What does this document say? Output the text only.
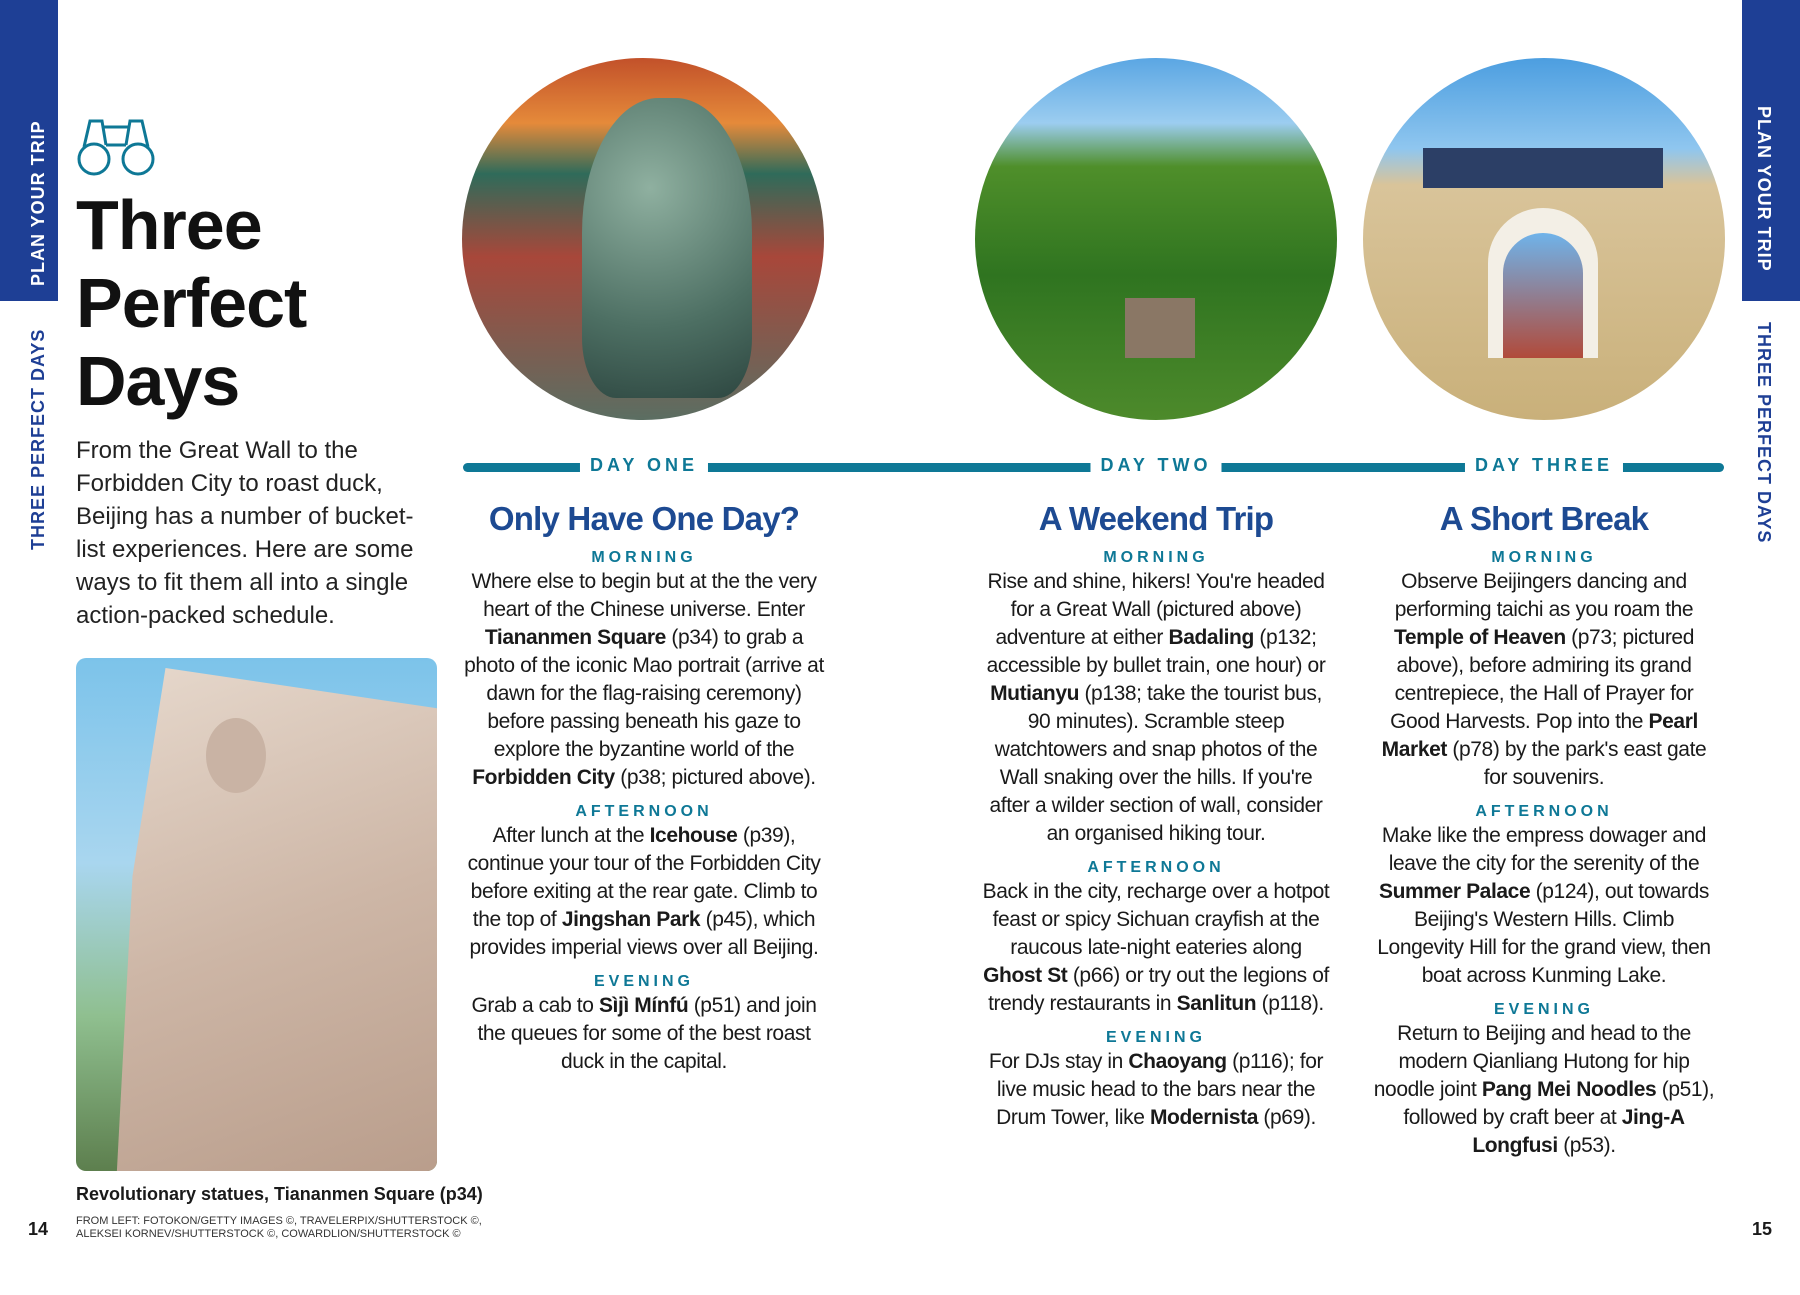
PLAN YOUR TRIP
THREE PERFECT DAYS
PLAN YOUR TRIP
THREE PERFECT DAYS
Three
Perfect
Days

From the Great Wall to the Forbidden City to roast duck, Beijing has a number of bucket-list experiences. Here are some ways to fit them all into a single action-packed schedule.

Revolutionary statues, Tiananmen Square (p34)
FROM LEFT: FOTOKON/GETTY IMAGES ©, TRAVELERPIX/SHUTTERSTOCK ©,
ALEKSEI KORNEV/SHUTTERSTOCK ©, COWARDLION/SHUTTERSTOCK ©
14	15
DAY ONE
Only Have One Day?
MORNING

Where else to begin but at the the very heart of the Chinese universe. Enter Tiananmen Square (p34) to grab a photo of the iconic Mao portrait (arrive at dawn for the flag-raising ceremony) before passing beneath his gaze to explore the byzantine world of the Forbidden City (p38; pictured above).

AFTERNOON

After lunch at the Icehouse (p39), continue your tour of the Forbidden City before exiting at the rear gate. Climb to the top of Jingshan Park (p45), which provides imperial views over all Beijing.

EVENING

Grab a cab to Sìjì Mínfú (p51) and join the queues for some of the best roast duck in the capital.

DAY TWO
A Weekend Trip
MORNING

Rise and shine, hikers! You're headed for a Great Wall (pictured above) adventure at either Badaling (p132; accessible by bullet train, one hour) or Mutianyu (p138; take the tourist bus, 90 minutes). Scramble steep watchtowers and snap photos of the Wall snaking over the hills. If you're after a wilder section of wall, consider an organised hiking tour.

AFTERNOON

Back in the city, recharge over a hotpot feast or spicy Sichuan crayfish at the raucous late-night eateries along Ghost St (p66) or try out the legions of trendy restaurants in Sanlitun (p118).

EVENING

For DJs stay in Chaoyang (p116); for live music head to the bars near the Drum Tower, like Modernista (p69).

DAY THREE
A Short Break
MORNING

Observe Beijingers dancing and performing taichi as you roam the Temple of Heaven (p73; pictured above), before admiring its grand centrepiece, the Hall of Prayer for Good Harvests. Pop into the Pearl Market (p78) by the park's east gate for souvenirs.

AFTERNOON

Make like the empress dowager and leave the city for the serenity of the Summer Palace (p124), out towards Beijing's Western Hills. Climb Longevity Hill for the grand view, then boat across Kunming Lake.

EVENING

Return to Beijing and head to the modern Qianliang Hutong for hip noodle joint Pang Mei Noodles (p51), followed by craft beer at Jing-A Longfusi (p53).
